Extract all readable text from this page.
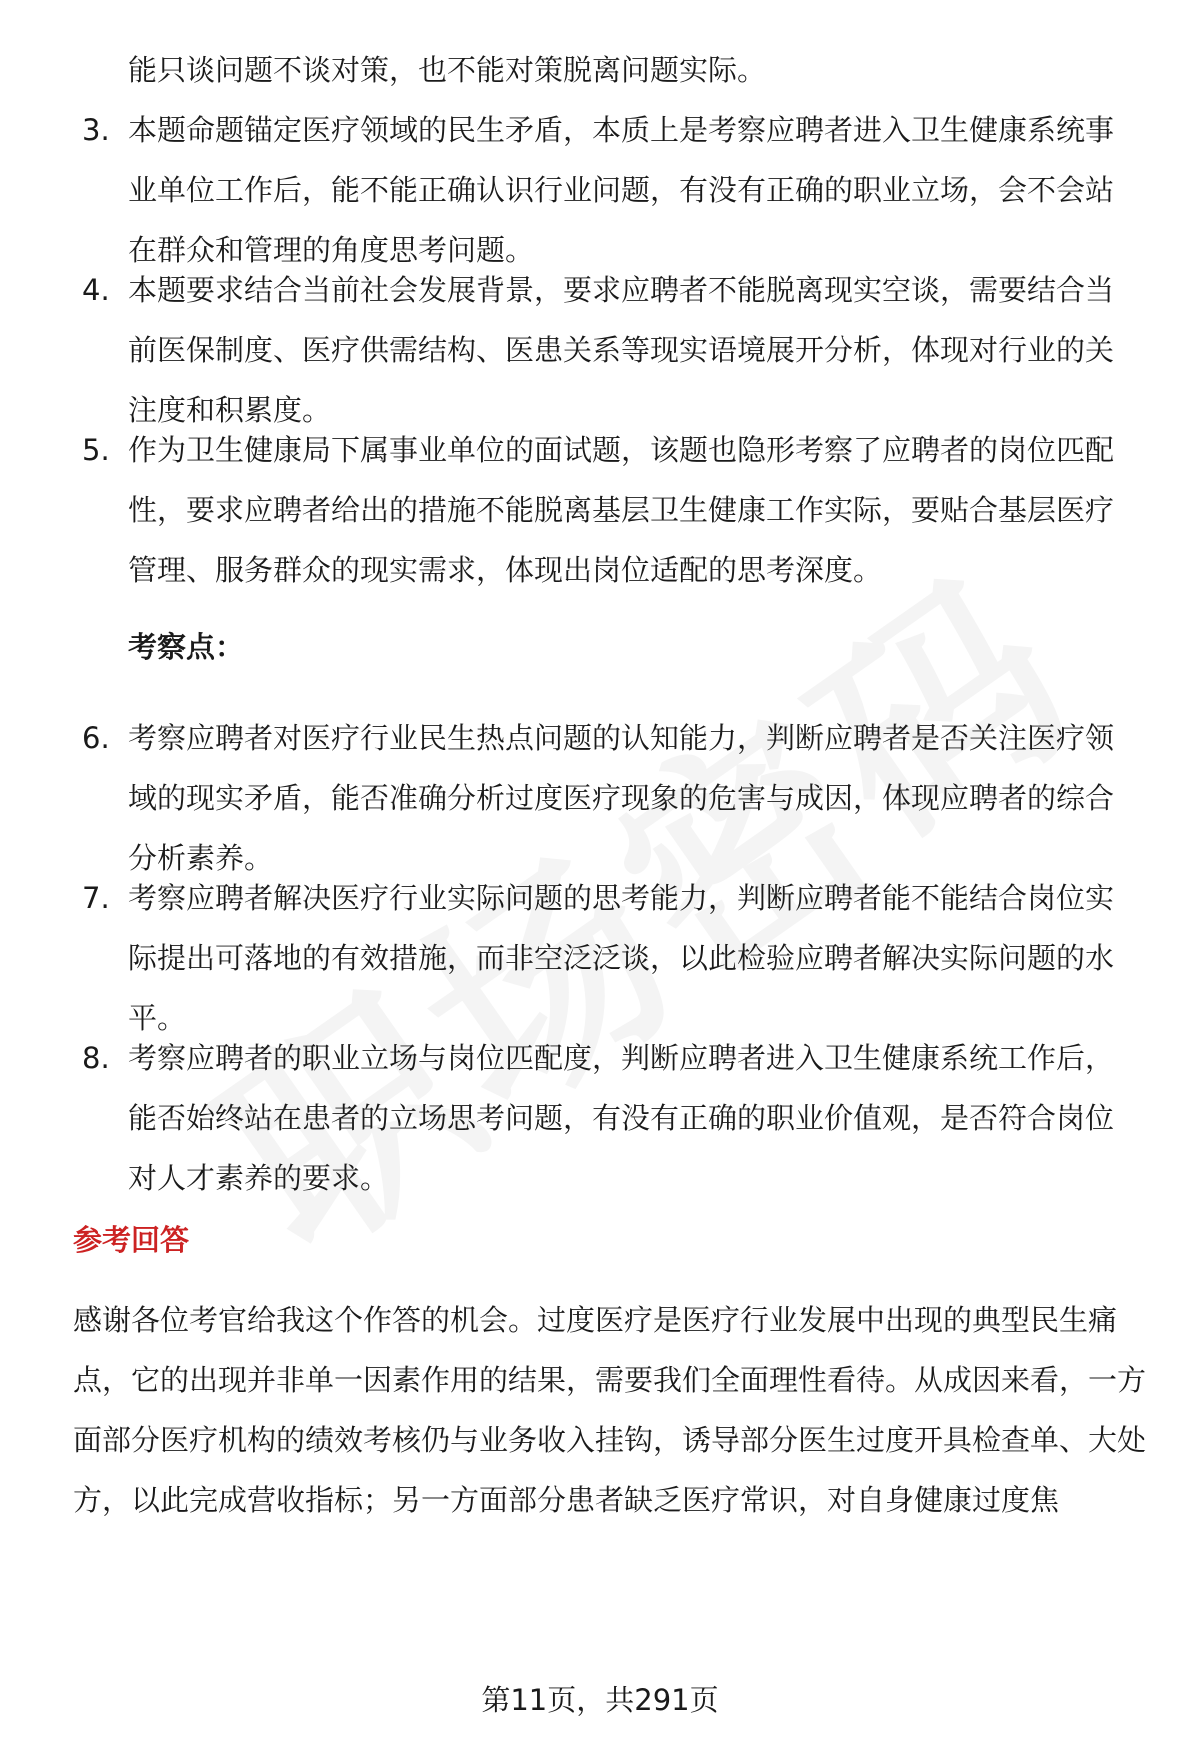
能只谈问题不谈对策，也不能对策脱离问题实际。
3. 本题命题锚定医疗领域的民生矛盾，本质上是考察应聘者进入卫生健康系统事业单位工作后，能不能正确认识行业问题，有没有正确的职业立场，会不会站在群众和管理的角度思考问题。
4. 本题要求结合当前社会发展背景，要求应聘者不能脱离现实空谈，需要结合当前医保制度、医疗供需结构、医患关系等现实语境展开分析，体现对行业的关注度和积累度。
5. 作为卫生健康局下属事业单位的面试题，该题也隐形考察了应聘者的岗位匹配性，要求应聘者给出的措施不能脱离基层卫生健康工作实际，要贴合基层医疗管理、服务群众的现实需求，体现出岗位适配的思考深度。
考察点：
6. 考察应聘者对医疗行业民生热点问题的认知能力，判断应聘者是否关注医疗领域的现实矛盾，能否准确分析过度医疗现象的危害与成因，体现应聘者的综合分析素养。
7. 考察应聘者解决医疗行业实际问题的思考能力，判断应聘者能不能结合岗位实际提出可落地的有效措施，而非空泛泛谈，以此检验应聘者解决实际问题的水平。
8. 考察应聘者的职业立场与岗位匹配度，判断应聘者进入卫生健康系统工作后，能否始终站在患者的立场思考问题，有没有正确的职业价值观，是否符合岗位对人才素养的要求。
参考回答
感谢各位考官给我这个作答的机会。过度医疗是医疗行业发展中出现的典型民生痛点，它的出现并非单一因素作用的结果，需要我们全面理性看待。从成因来看，一方面部分医疗机构的绩效考核仍与业务收入挂钩，诱导部分医生过度开具检查单、大处方，以此完成营收指标；另一方面部分患者缺乏医疗常识，对自身健康过度焦
第11页，共291页
